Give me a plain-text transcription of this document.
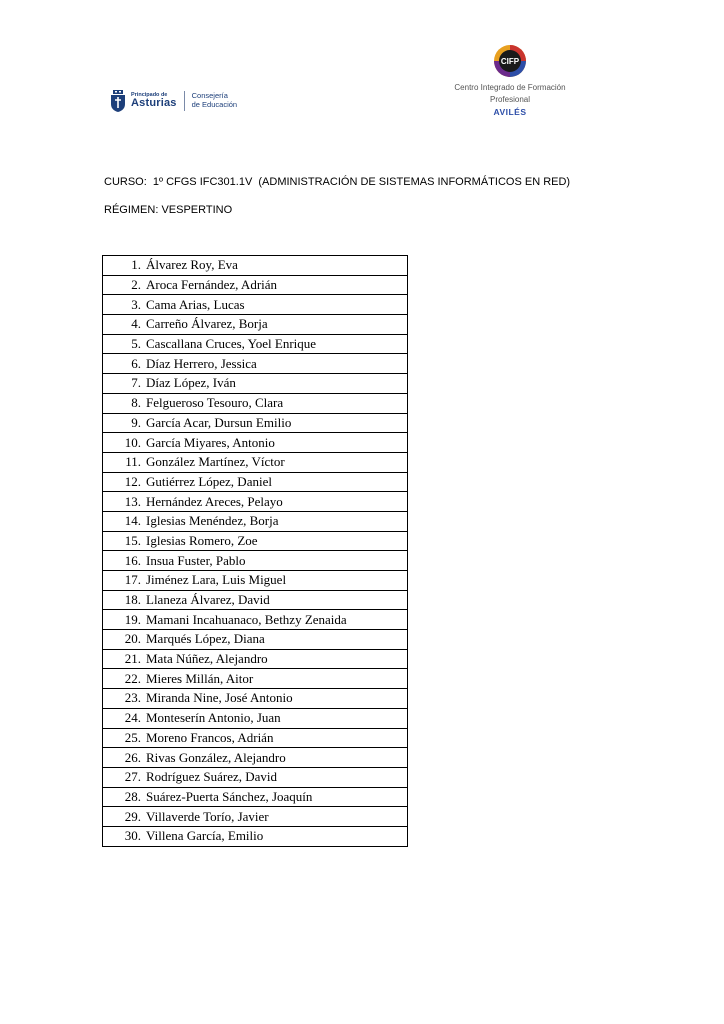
Principado de
Asturias
Consejería
de Educación
CIFP
Centro Integrado de Formación
Profesional
AVILÉS
CURSO:  1º CFGS IFC301.1V  (ADMINISTRACIÓN DE SISTEMAS INFORMÁTICOS EN RED)
RÉGIMEN: VESPERTINO
1. Álvarez Roy, Eva
2. Aroca Fernández, Adrián
3. Cama Arias, Lucas
4. Carreño Álvarez, Borja
5. Cascallana Cruces, Yoel Enrique
6. Díaz Herrero, Jessica
7. Díaz López, Iván
8. Felgueroso Tesouro, Clara
9. García Acar, Dursun Emilio
10. García Miyares, Antonio
11. González Martínez, Víctor
12. Gutiérrez López, Daniel
13. Hernández Areces, Pelayo
14. Iglesias Menéndez, Borja
15. Iglesias Romero, Zoe
16. Insua Fuster, Pablo
17. Jiménez Lara, Luis Miguel
18. Llaneza Álvarez, David
19. Mamani Incahuanaco, Bethzy Zenaida
20. Marqués López, Diana
21. Mata Núñez, Alejandro
22. Mieres Millán, Aitor
23. Miranda Nine, José Antonio
24. Monteserín Antonio, Juan
25. Moreno Francos, Adrián
26. Rivas González, Alejandro
27. Rodríguez Suárez, David
28. Suárez-Puerta Sánchez, Joaquín
29. Villaverde Torío, Javier
30. Villena García, Emilio
